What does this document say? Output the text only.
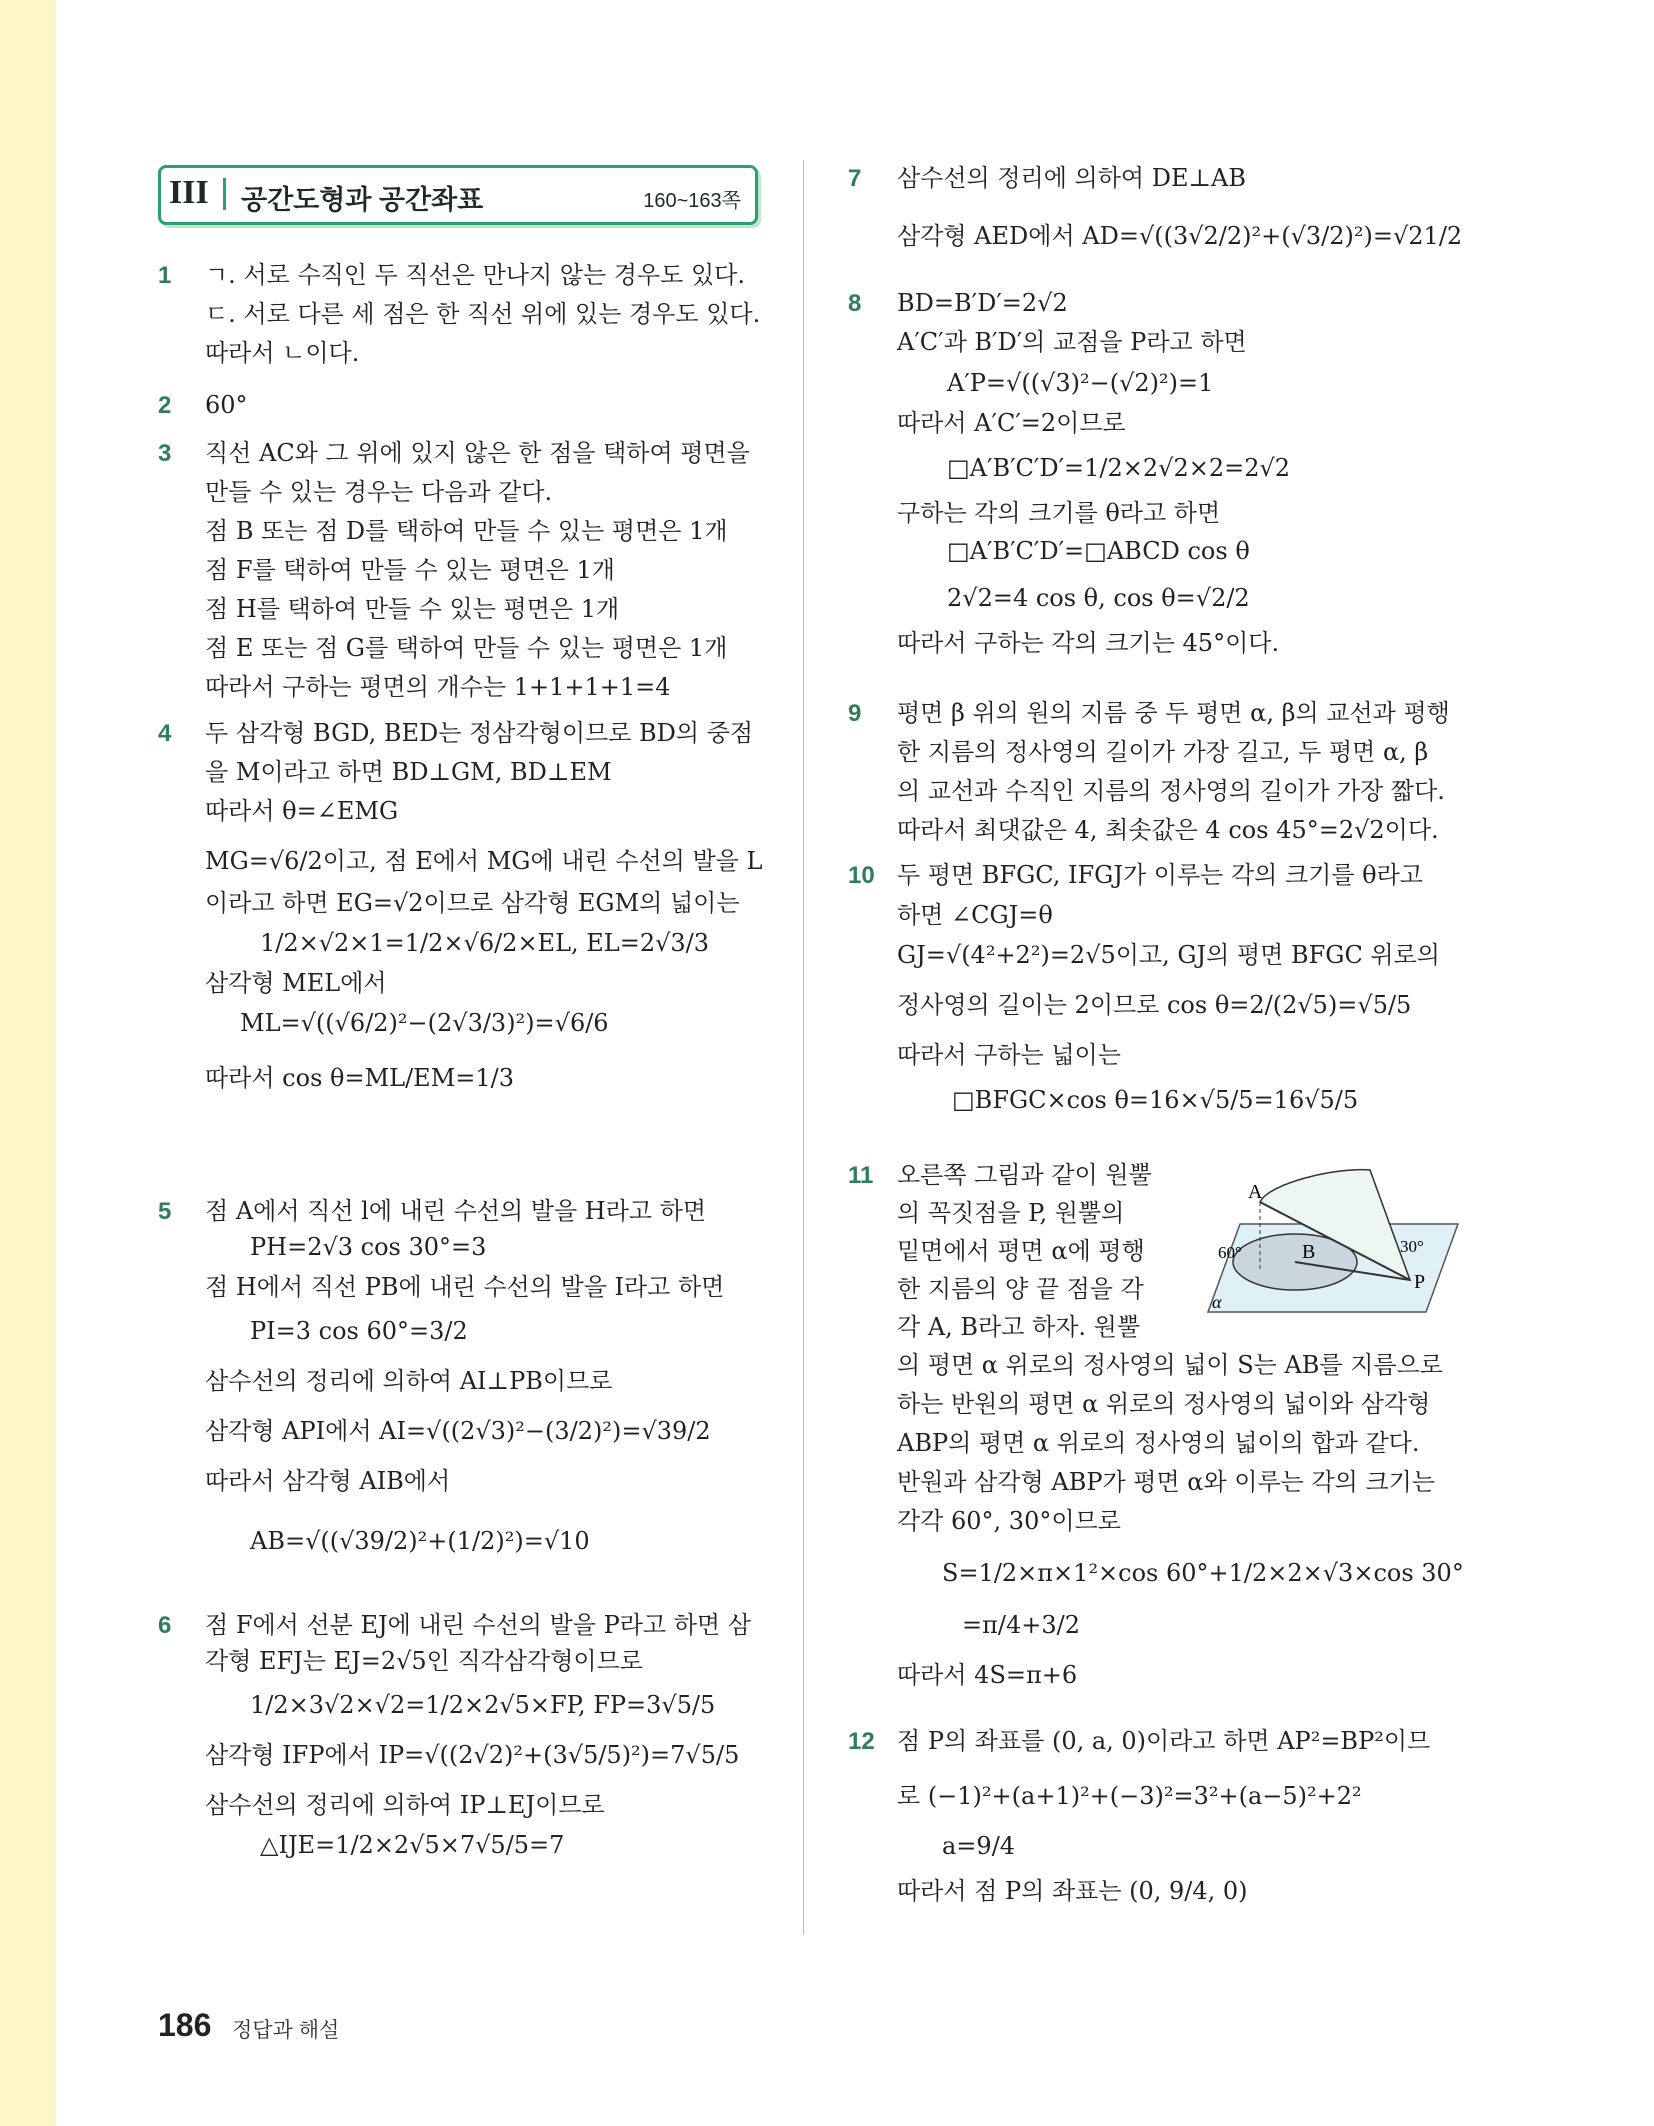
III 공간도형과 공간좌표	160~163쪽
1 ㄱ. 서로 수직인 두 직선은 만나지 않는 경우도 있다.
ㄷ. 서로 다른 세 점은 한 직선 위에 있는 경우도 있다.
따라서 ㄴ이다.
2 60°
3 직선 AC와 그 위에 있지 않은 한 점을 택하여 평면을
만들 수 있는 경우는 다음과 같다.
점 B 또는 점 D를 택하여 만들 수 있는 평면은 1개
점 F를 택하여 만들 수 있는 평면은 1개
점 H를 택하여 만들 수 있는 평면은 1개
점 E 또는 점 G를 택하여 만들 수 있는 평면은 1개
따라서 구하는 평면의 개수는 1+1+1+1=4
4 두 삼각형 BGD, BED는 정삼각형이므로 BD의 중점
을 M이라고 하면 BD⊥GM, BD⊥EM
따라서 θ=∠EMG
MG=√6/2이고, 점 E에서 MG에 내린 수선의 발을 L
이라고 하면 EG=√2이므로 삼각형 EGM의 넓이는
1/2×√2×1=1/2×√6/2×EL, EL=2√3/3
삼각형 MEL에서
ML=√((√6/2)²−(2√3/3)²)=√6/6
따라서 cos θ=ML/EM=1/3
5 점 A에서 직선 l에 내린 수선의 발을 H라고 하면
PH=2√3 cos 30°=3
점 H에서 직선 PB에 내린 수선의 발을 I라고 하면
PI=3 cos 60°=3/2
삼수선의 정리에 의하여 AI⊥PB이므로
삼각형 API에서 AI=√((2√3)²−(3/2)²)=√39/2
따라서 삼각형 AIB에서
AB=√((√39/2)²+(1/2)²)=√10
6 점 F에서 선분 EJ에 내린 수선의 발을 P라고 하면 삼
각형 EFJ는 EJ=2√5인 직각삼각형이므로
1/2×3√2×√2=1/2×2√5×FP, FP=3√5/5
삼각형 IFP에서 IP=√((2√2)²+(3√5/5)²)=7√5/5
삼수선의 정리에 의하여 IP⊥EJ이므로
△IJE=1/2×2√5×7√5/5=7
7 삼수선의 정리에 의하여 DE⊥AB
삼각형 AED에서 AD=√((3√2/2)²+(√3/2)²)=√21/2
8 BD=B′D′=2√2
A′C′과 B′D′의 교점을 P라고 하면
A′P=√((√3)²−(√2)²)=1
따라서 A′C′=2이므로
□A′B′C′D′=1/2×2√2×2=2√2
구하는 각의 크기를 θ라고 하면
□A′B′C′D′=□ABCD cos θ
2√2=4 cos θ, cos θ=√2/2
따라서 구하는 각의 크기는 45°이다.
9 평면 β 위의 원의 지름 중 두 평면 α, β의 교선과 평행
한 지름의 정사영의 길이가 가장 길고, 두 평면 α, β
의 교선과 수직인 지름의 정사영의 길이가 가장 짧다.
따라서 최댓값은 4, 최솟값은 4 cos 45°=2√2이다.
10 두 평면 BFGC, IFGJ가 이루는 각의 크기를 θ라고
하면 ∠CGJ=θ
GJ=√(4²+2²)=2√5이고, GJ의 평면 BFGC 위로의
정사영의 길이는 2이므로 cos θ=2/(2√5)=√5/5
따라서 구하는 넓이는
□BFGC×cos θ=16×√5/5=16√5/5
11 오른쪽 그림과 같이 원뿔
의 꼭짓점을 P, 원뿔의
밑면에서 평면 α에 평행
한 지름의 양 끝 점을 각
각 A, B라고 하자. 원뿔
의 평면 α 위로의 정사영의 넓이 S는 AB를 지름으로
하는 반원의 평면 α 위로의 정사영의 넓이와 삼각형
ABP의 평면 α 위로의 정사영의 넓이의 합과 같다.
반원과 삼각형 ABP가 평면 α와 이루는 각의 크기는
각각 60°, 30°이므로
S=1/2×π×1²×cos 60°+1/2×2×√3×cos 30°
=π/4+3/2
따라서 4S=π+6
12 점 P의 좌표를 (0, a, 0)이라고 하면 AP²=BP²이므
로 (−1)²+(a+1)²+(−3)²=3²+(a−5)²+2²
a=9/4
따라서 점 P의 좌표는 (0, 9/4, 0)
A
B
P
60°	30°
α
186 정답과 해설
